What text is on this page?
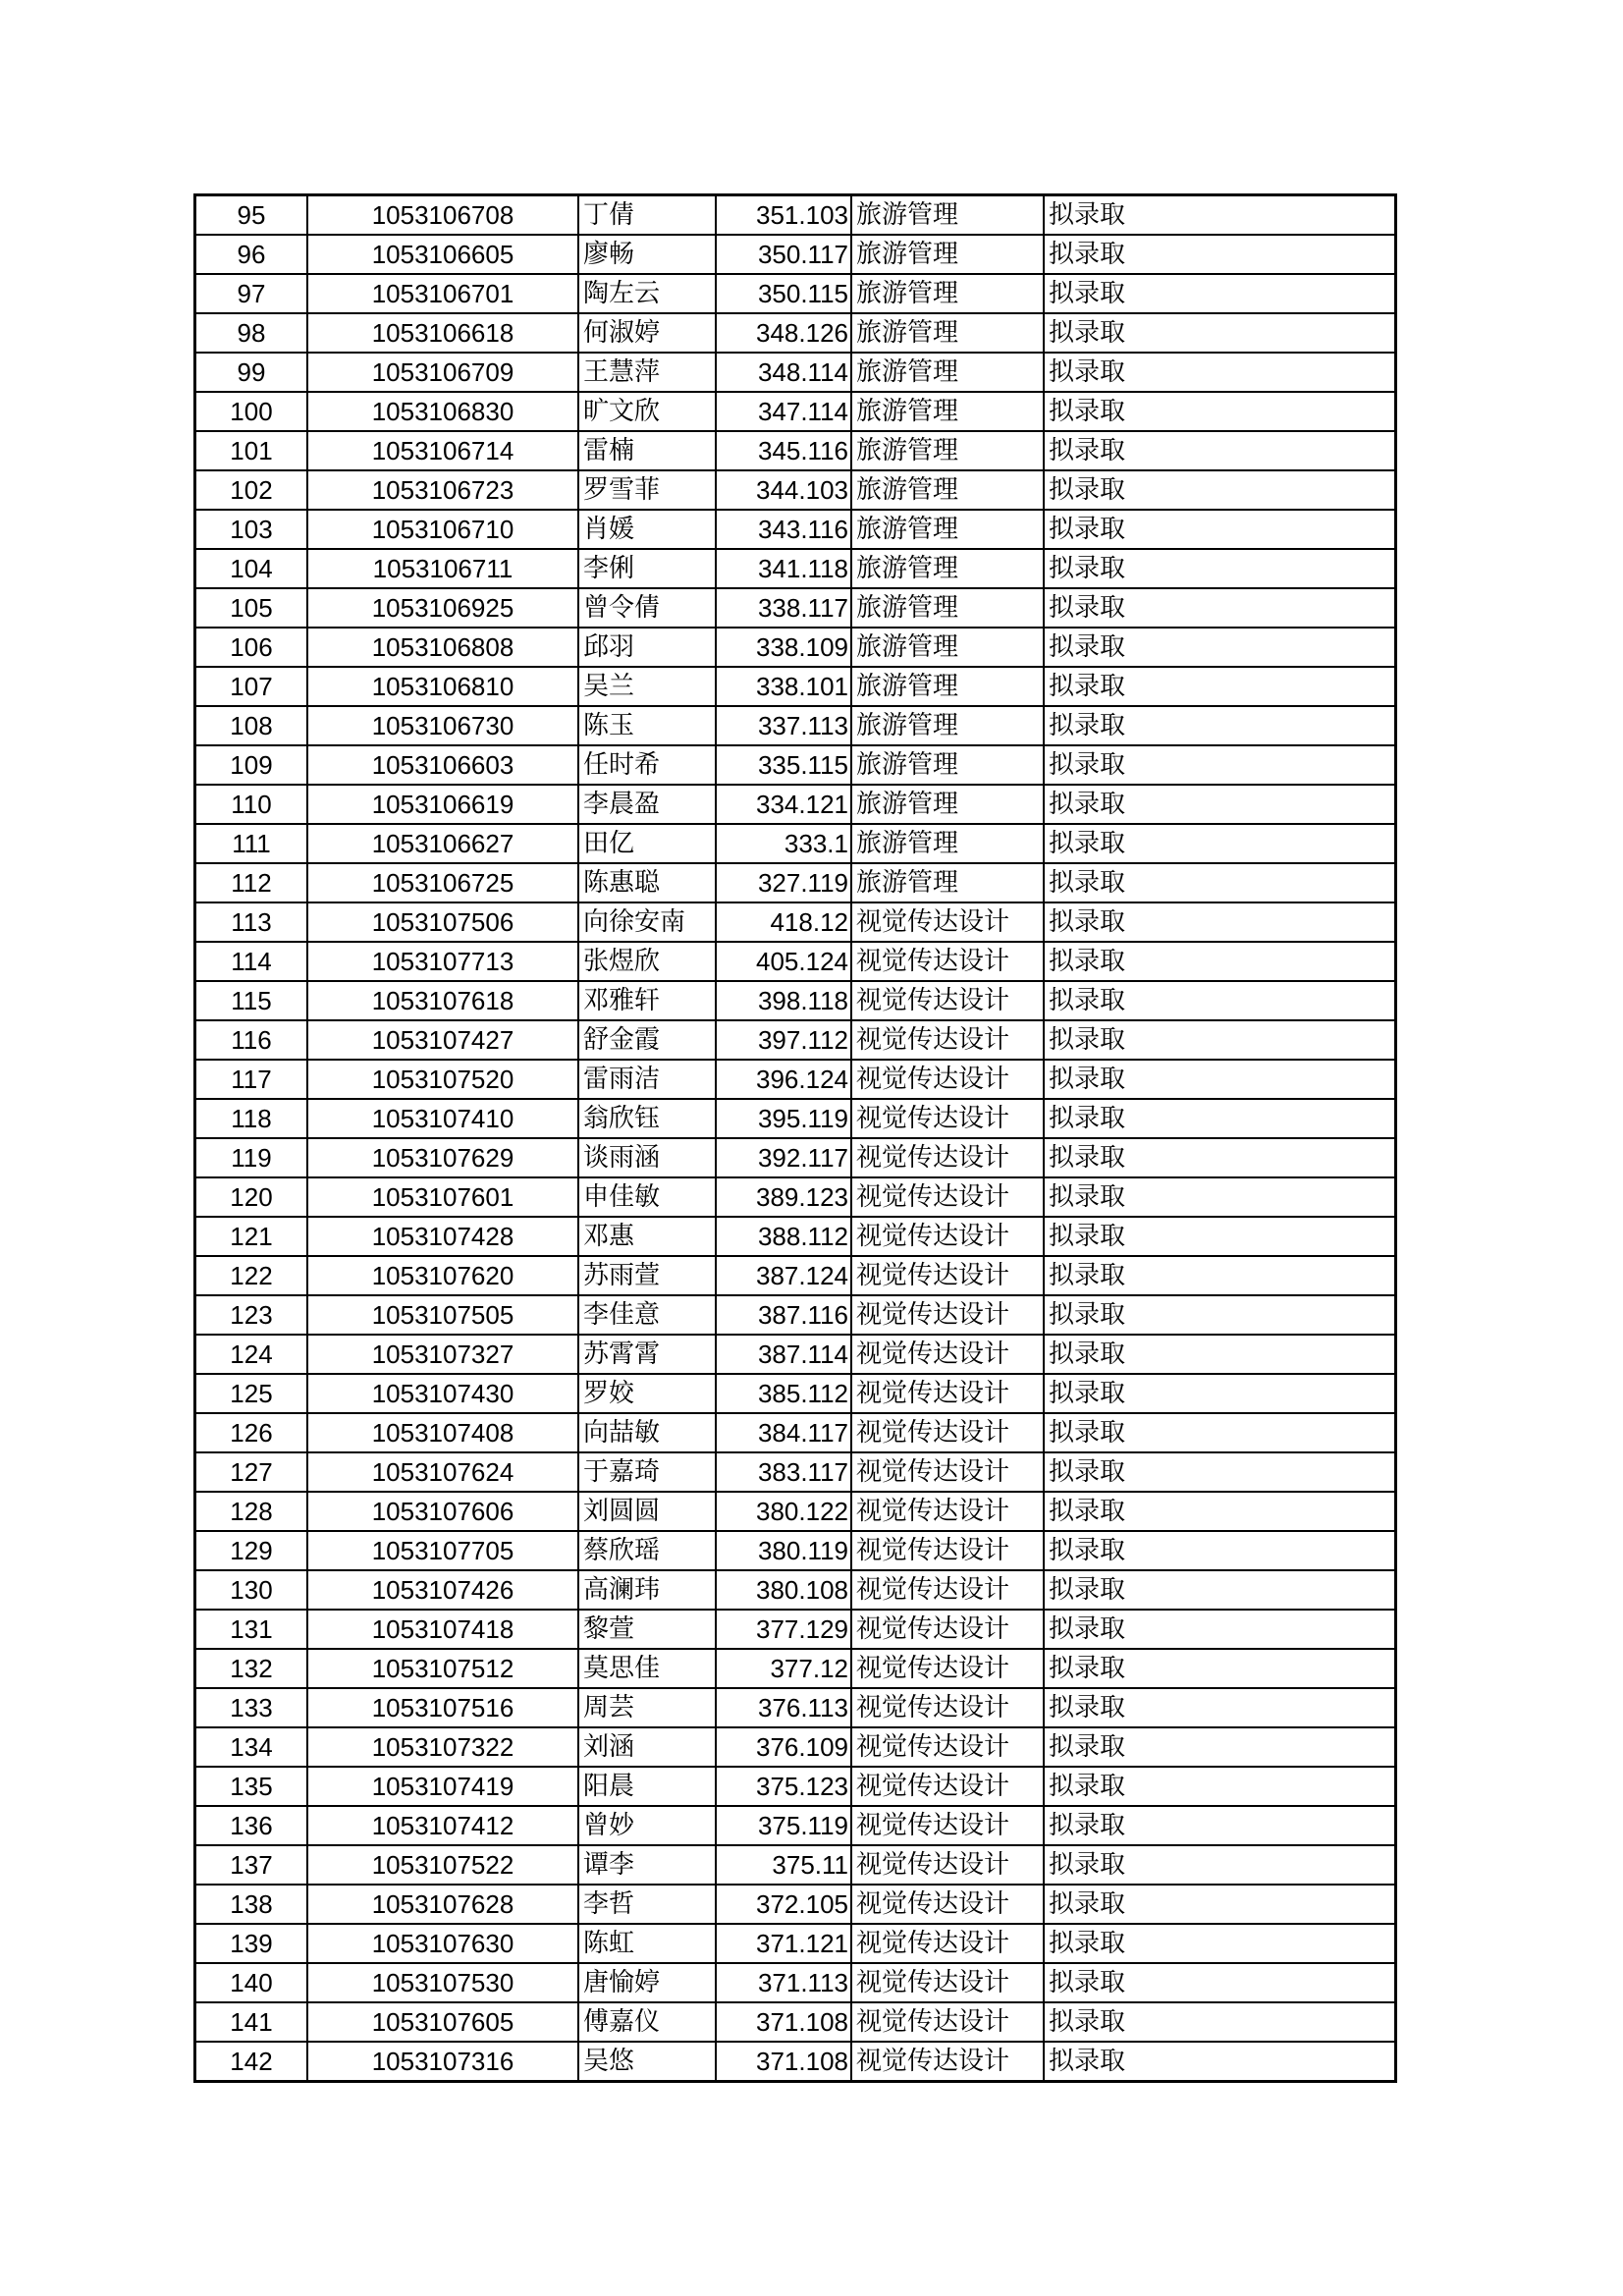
95	1053106708	丁倩	351.103	旅游管理	拟录取
96	1053106605	廖畅	350.117	旅游管理	拟录取
97	1053106701	陶左云	350.115	旅游管理	拟录取
98	1053106618	何淑婷	348.126	旅游管理	拟录取
99	1053106709	王慧萍	348.114	旅游管理	拟录取
100	1053106830	旷文欣	347.114	旅游管理	拟录取
101	1053106714	雷楠	345.116	旅游管理	拟录取
102	1053106723	罗雪菲	344.103	旅游管理	拟录取
103	1053106710	肖媛	343.116	旅游管理	拟录取
104	1053106711	李俐	341.118	旅游管理	拟录取
105	1053106925	曾令倩	338.117	旅游管理	拟录取
106	1053106808	邱羽	338.109	旅游管理	拟录取
107	1053106810	吴兰	338.101	旅游管理	拟录取
108	1053106730	陈玉	337.113	旅游管理	拟录取
109	1053106603	任时希	335.115	旅游管理	拟录取
110	1053106619	李晨盈	334.121	旅游管理	拟录取
111	1053106627	田亿	333.1	旅游管理	拟录取
112	1053106725	陈惠聪	327.119	旅游管理	拟录取
113	1053107506	向徐安南	418.12	视觉传达设计	拟录取
114	1053107713	张煜欣	405.124	视觉传达设计	拟录取
115	1053107618	邓雅轩	398.118	视觉传达设计	拟录取
116	1053107427	舒金霞	397.112	视觉传达设计	拟录取
117	1053107520	雷雨洁	396.124	视觉传达设计	拟录取
118	1053107410	翁欣钰	395.119	视觉传达设计	拟录取
119	1053107629	谈雨涵	392.117	视觉传达设计	拟录取
120	1053107601	申佳敏	389.123	视觉传达设计	拟录取
121	1053107428	邓惠	388.112	视觉传达设计	拟录取
122	1053107620	苏雨萱	387.124	视觉传达设计	拟录取
123	1053107505	李佳意	387.116	视觉传达设计	拟录取
124	1053107327	苏霄霄	387.114	视觉传达设计	拟录取
125	1053107430	罗姣	385.112	视觉传达设计	拟录取
126	1053107408	向喆敏	384.117	视觉传达设计	拟录取
127	1053107624	于嘉琦	383.117	视觉传达设计	拟录取
128	1053107606	刘圆圆	380.122	视觉传达设计	拟录取
129	1053107705	蔡欣瑶	380.119	视觉传达设计	拟录取
130	1053107426	高澜玮	380.108	视觉传达设计	拟录取
131	1053107418	黎萱	377.129	视觉传达设计	拟录取
132	1053107512	莫思佳	377.12	视觉传达设计	拟录取
133	1053107516	周芸	376.113	视觉传达设计	拟录取
134	1053107322	刘涵	376.109	视觉传达设计	拟录取
135	1053107419	阳晨	375.123	视觉传达设计	拟录取
136	1053107412	曾妙	375.119	视觉传达设计	拟录取
137	1053107522	谭李	375.11	视觉传达设计	拟录取
138	1053107628	李哲	372.105	视觉传达设计	拟录取
139	1053107630	陈虹	371.121	视觉传达设计	拟录取
140	1053107530	唐愉婷	371.113	视觉传达设计	拟录取
141	1053107605	傅嘉仪	371.108	视觉传达设计	拟录取
142	1053107316	吴悠	371.108	视觉传达设计	拟录取
